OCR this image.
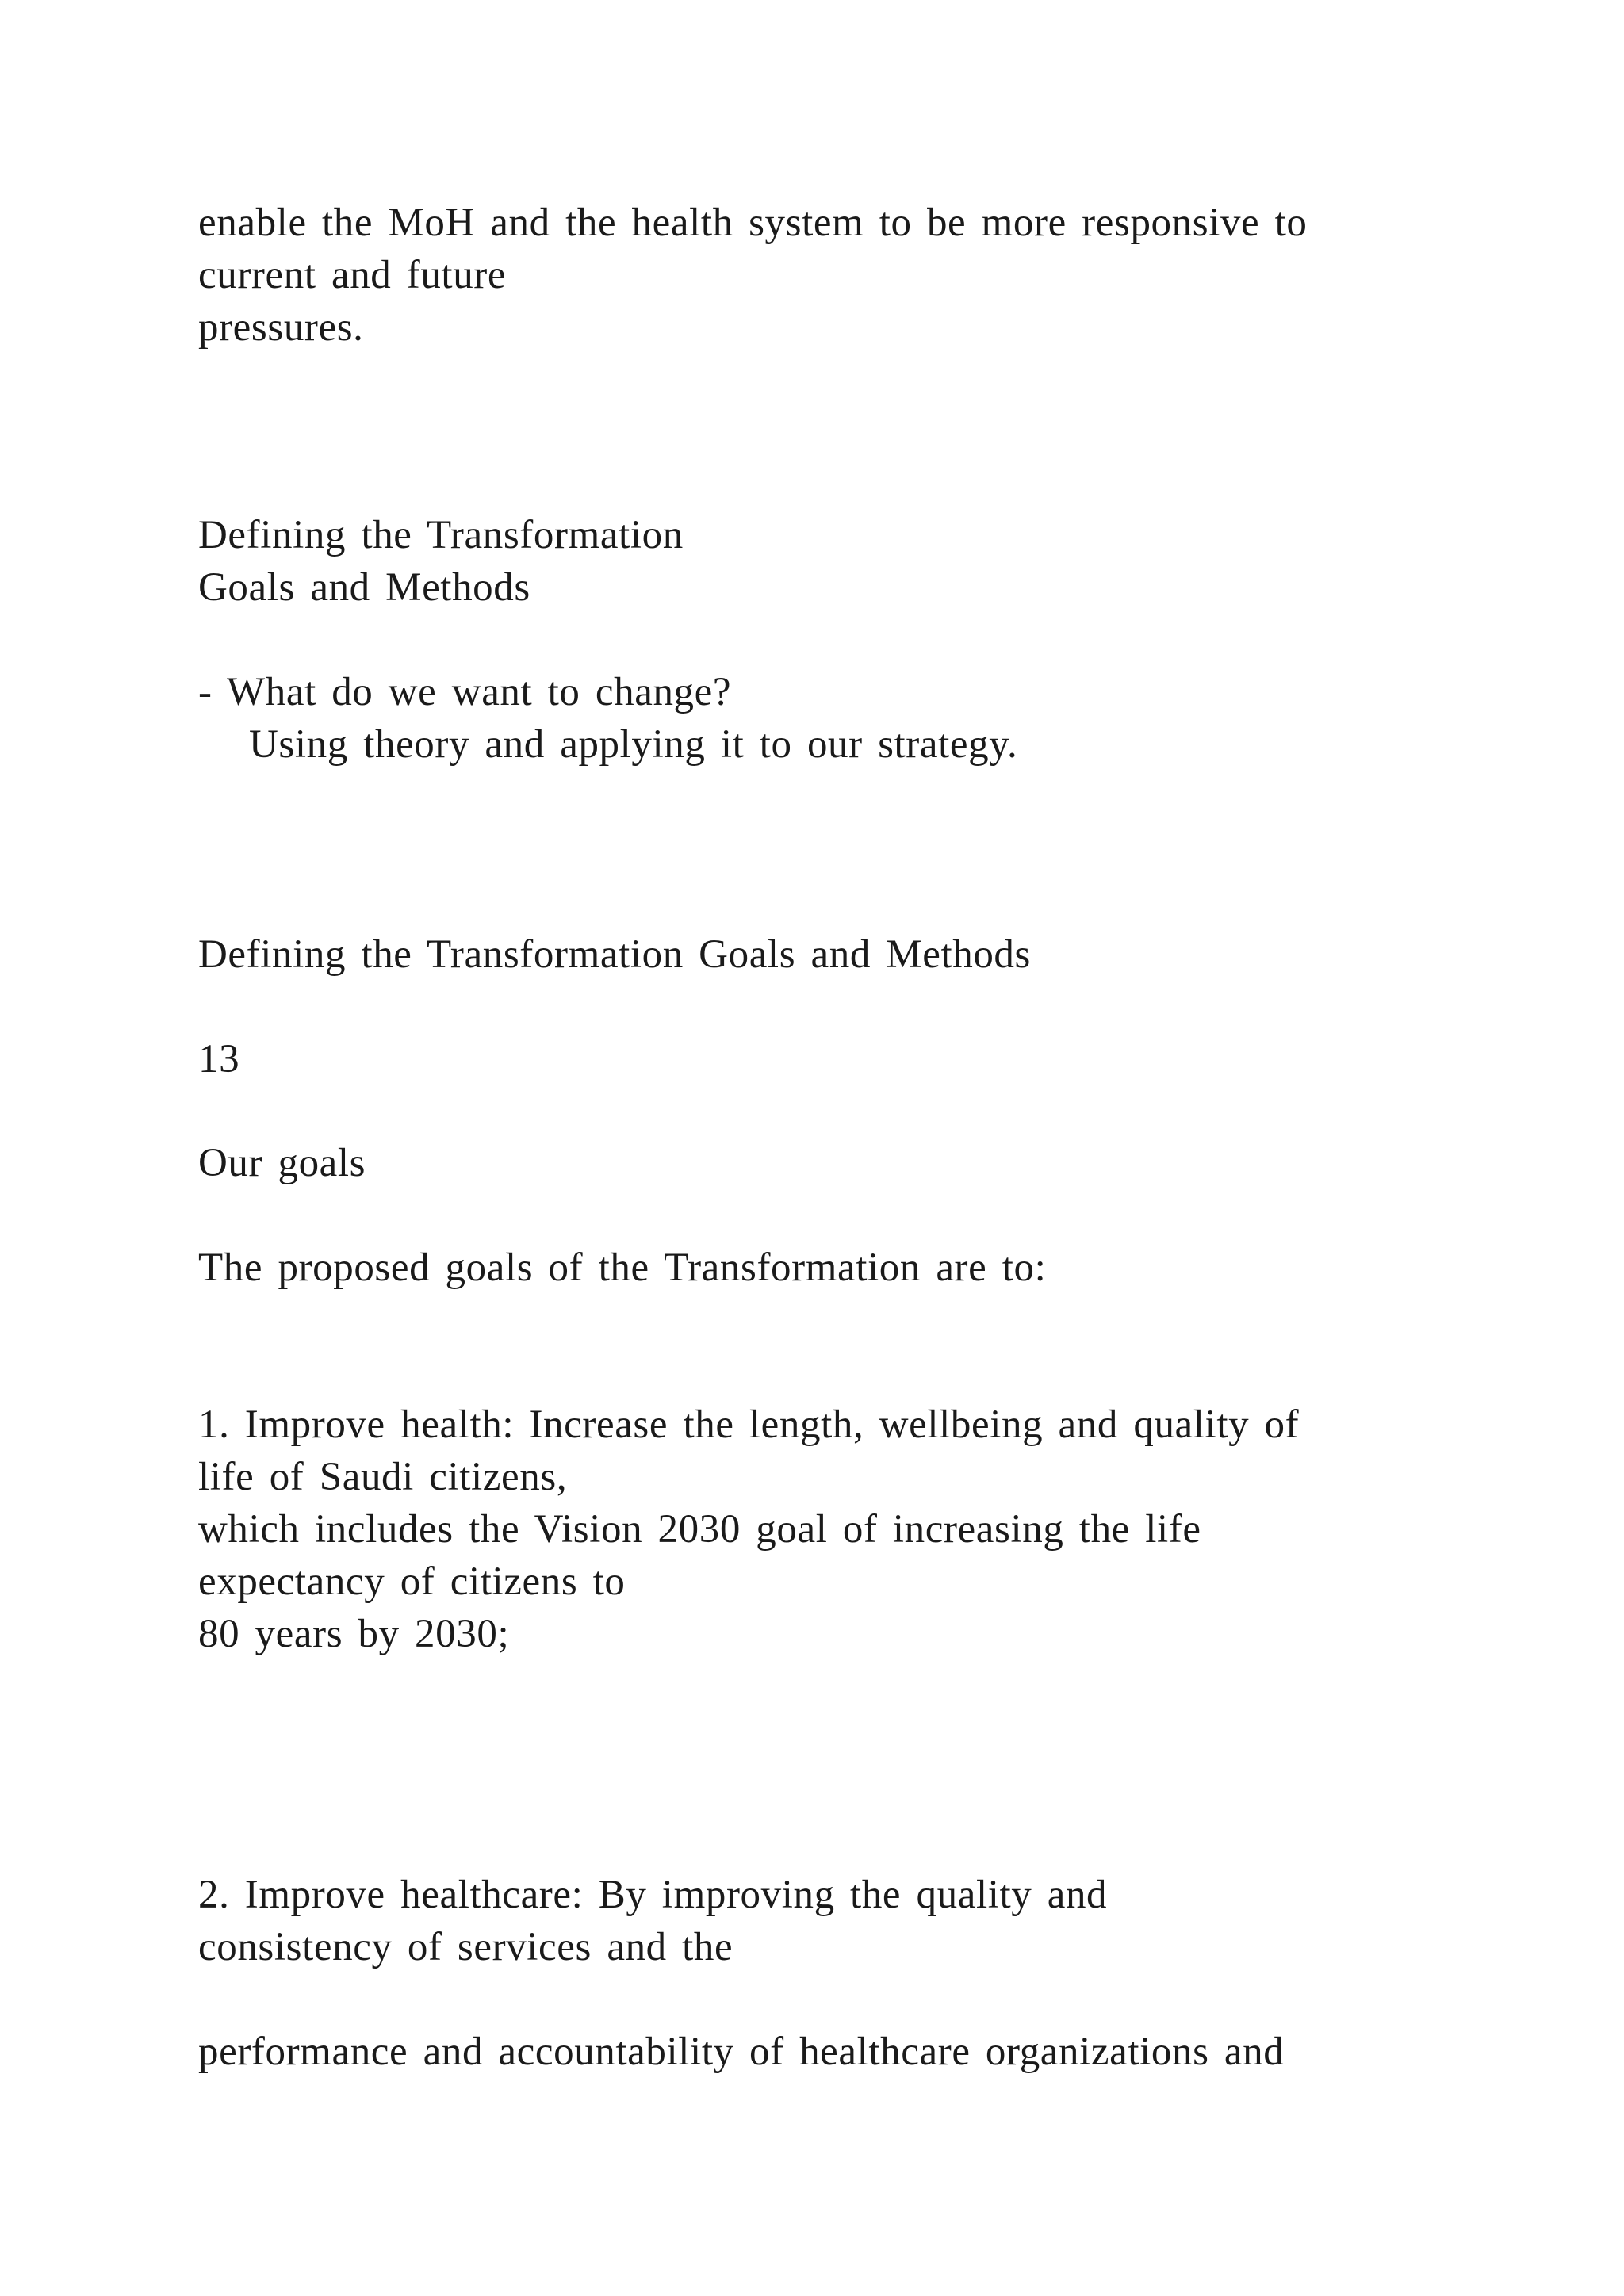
enable the MoH and the health system to be more responsive to
current and future
pressures.
Defining the Transformation
Goals and Methods
- What do we want to change?
Using theory and applying it to our strategy.
Defining the Transformation Goals and Methods
13
Our goals
The proposed goals of the Transformation are to:
1. Improve health: Increase the length, wellbeing and quality of
life of Saudi citizens,
which includes the Vision 2030 goal of increasing the life
expectancy of citizens to
80 years by 2030;
2. Improve healthcare: By improving the quality and
consistency of services and the
performance and accountability of healthcare organizations and
